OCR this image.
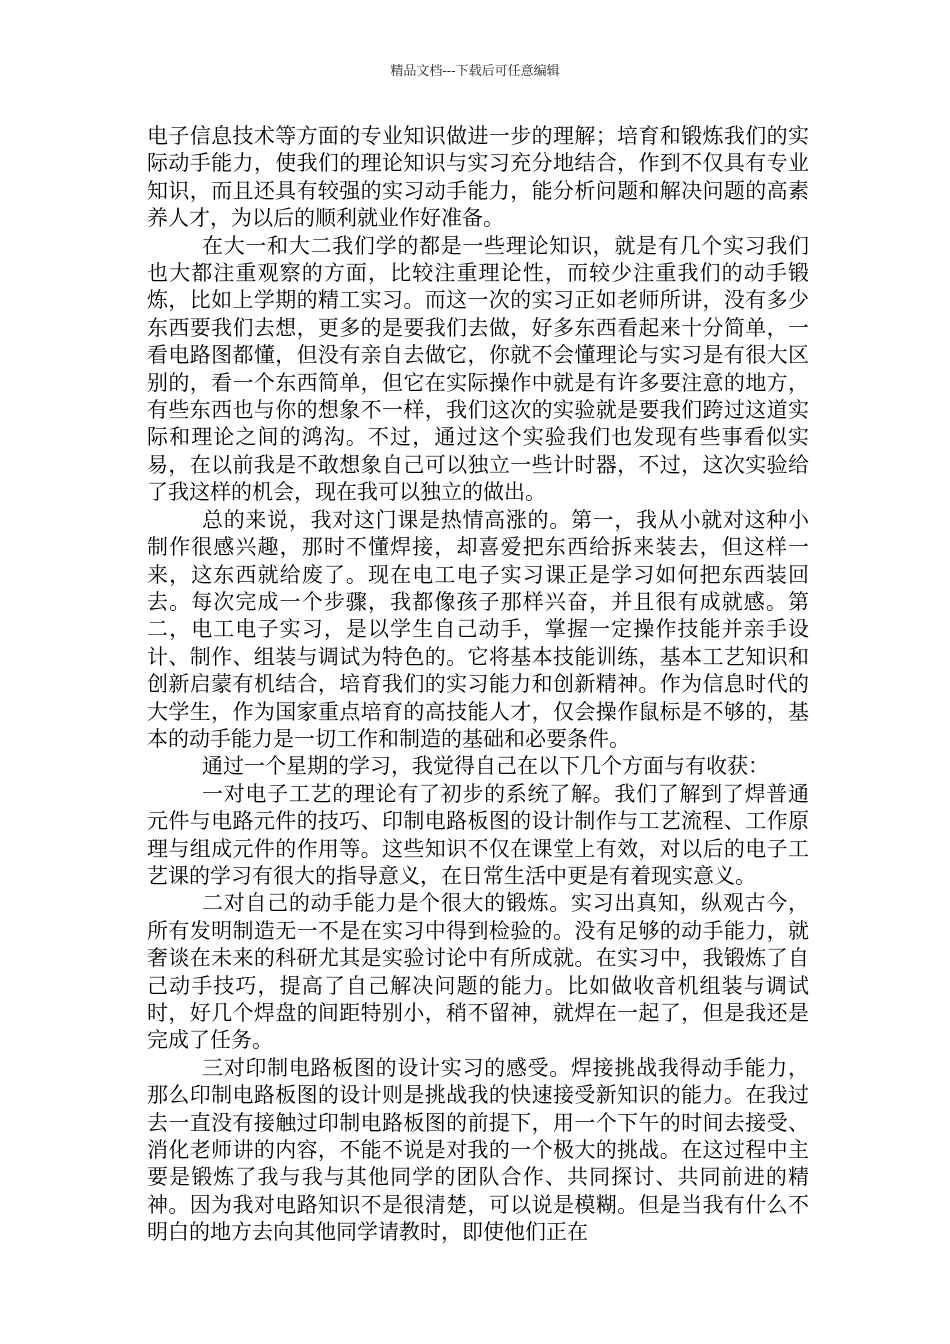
精品文档---下载后可任意编辑

电子信息技术等方面的专业知识做进一步的理解；培育和锻炼我们的实际动手能力，使我们的理论知识与实习充分地结合，作到不仅具有专业知识，而且还具有较强的实习动手能力，能分析问题和解决问题的高素养人才，为以后的顺利就业作好准备。

在大一和大二我们学的都是一些理论知识，就是有几个实习我们也大都注重观察的方面，比较注重理论性，而较少注重我们的动手锻炼，比如上学期的精工实习。而这一次的实习正如老师所讲，没有多少东西要我们去想，更多的是要我们去做，好多东西看起来十分简单，一看电路图都懂，但没有亲自去做它，你就不会懂理论与实习是有很大区别的，看一个东西简单，但它在实际操作中就是有许多要注意的地方，有些东西也与你的想象不一样，我们这次的实验就是要我们跨过这道实际和理论之间的鸿沟。不过，通过这个实验我们也发现有些事看似实易，在以前我是不敢想象自己可以独立一些计时器，不过，这次实验给了我这样的机会，现在我可以独立的做出。

总的来说，我对这门课是热情高涨的。第一，我从小就对这种小制作很感兴趣，那时不懂焊接，却喜爱把东西给拆来装去，但这样一来，这东西就给废了。现在电工电子实习课正是学习如何把东西装回去。每次完成一个步骤，我都像孩子那样兴奋，并且很有成就感。第二，电工电子实习，是以学生自己动手，掌握一定操作技能并亲手设计、制作、组装与调试为特色的。它将基本技能训练，基本工艺知识和创新启蒙有机结合，培育我们的实习能力和创新精神。作为信息时代的大学生，作为国家重点培育的高技能人才，仅会操作鼠标是不够的，基本的动手能力是一切工作和制造的基础和必要条件。

通过一个星期的学习，我觉得自己在以下几个方面与有收获：

一对电子工艺的理论有了初步的系统了解。我们了解到了焊普通元件与电路元件的技巧、印制电路板图的设计制作与工艺流程、工作原理与组成元件的作用等。这些知识不仅在课堂上有效，对以后的电子工艺课的学习有很大的指导意义，在日常生活中更是有着现实意义。

二对自己的动手能力是个很大的锻炼。实习出真知，纵观古今，所有发明制造无一不是在实习中得到检验的。没有足够的动手能力，就奢谈在未来的科研尤其是实验讨论中有所成就。在实习中，我锻炼了自己动手技巧，提高了自己解决问题的能力。比如做收音机组装与调试时，好几个焊盘的间距特别小，稍不留神，就焊在一起了，但是我还是完成了任务。

三对印制电路板图的设计实习的感受。焊接挑战我得动手能力，那么印制电路板图的设计则是挑战我的快速接受新知识的能力。在我过去一直没有接触过印制电路板图的前提下，用一个下午的时间去接受、消化老师讲的内容，不能不说是对我的一个极大的挑战。在这过程中主要是锻炼了我与我与其他同学的团队合作、共同探讨、共同前进的精神。因为我对电路知识不是很清楚，可以说是模糊。但是当我有什么不明白的地方去向其他同学请教时，即使他们正在
